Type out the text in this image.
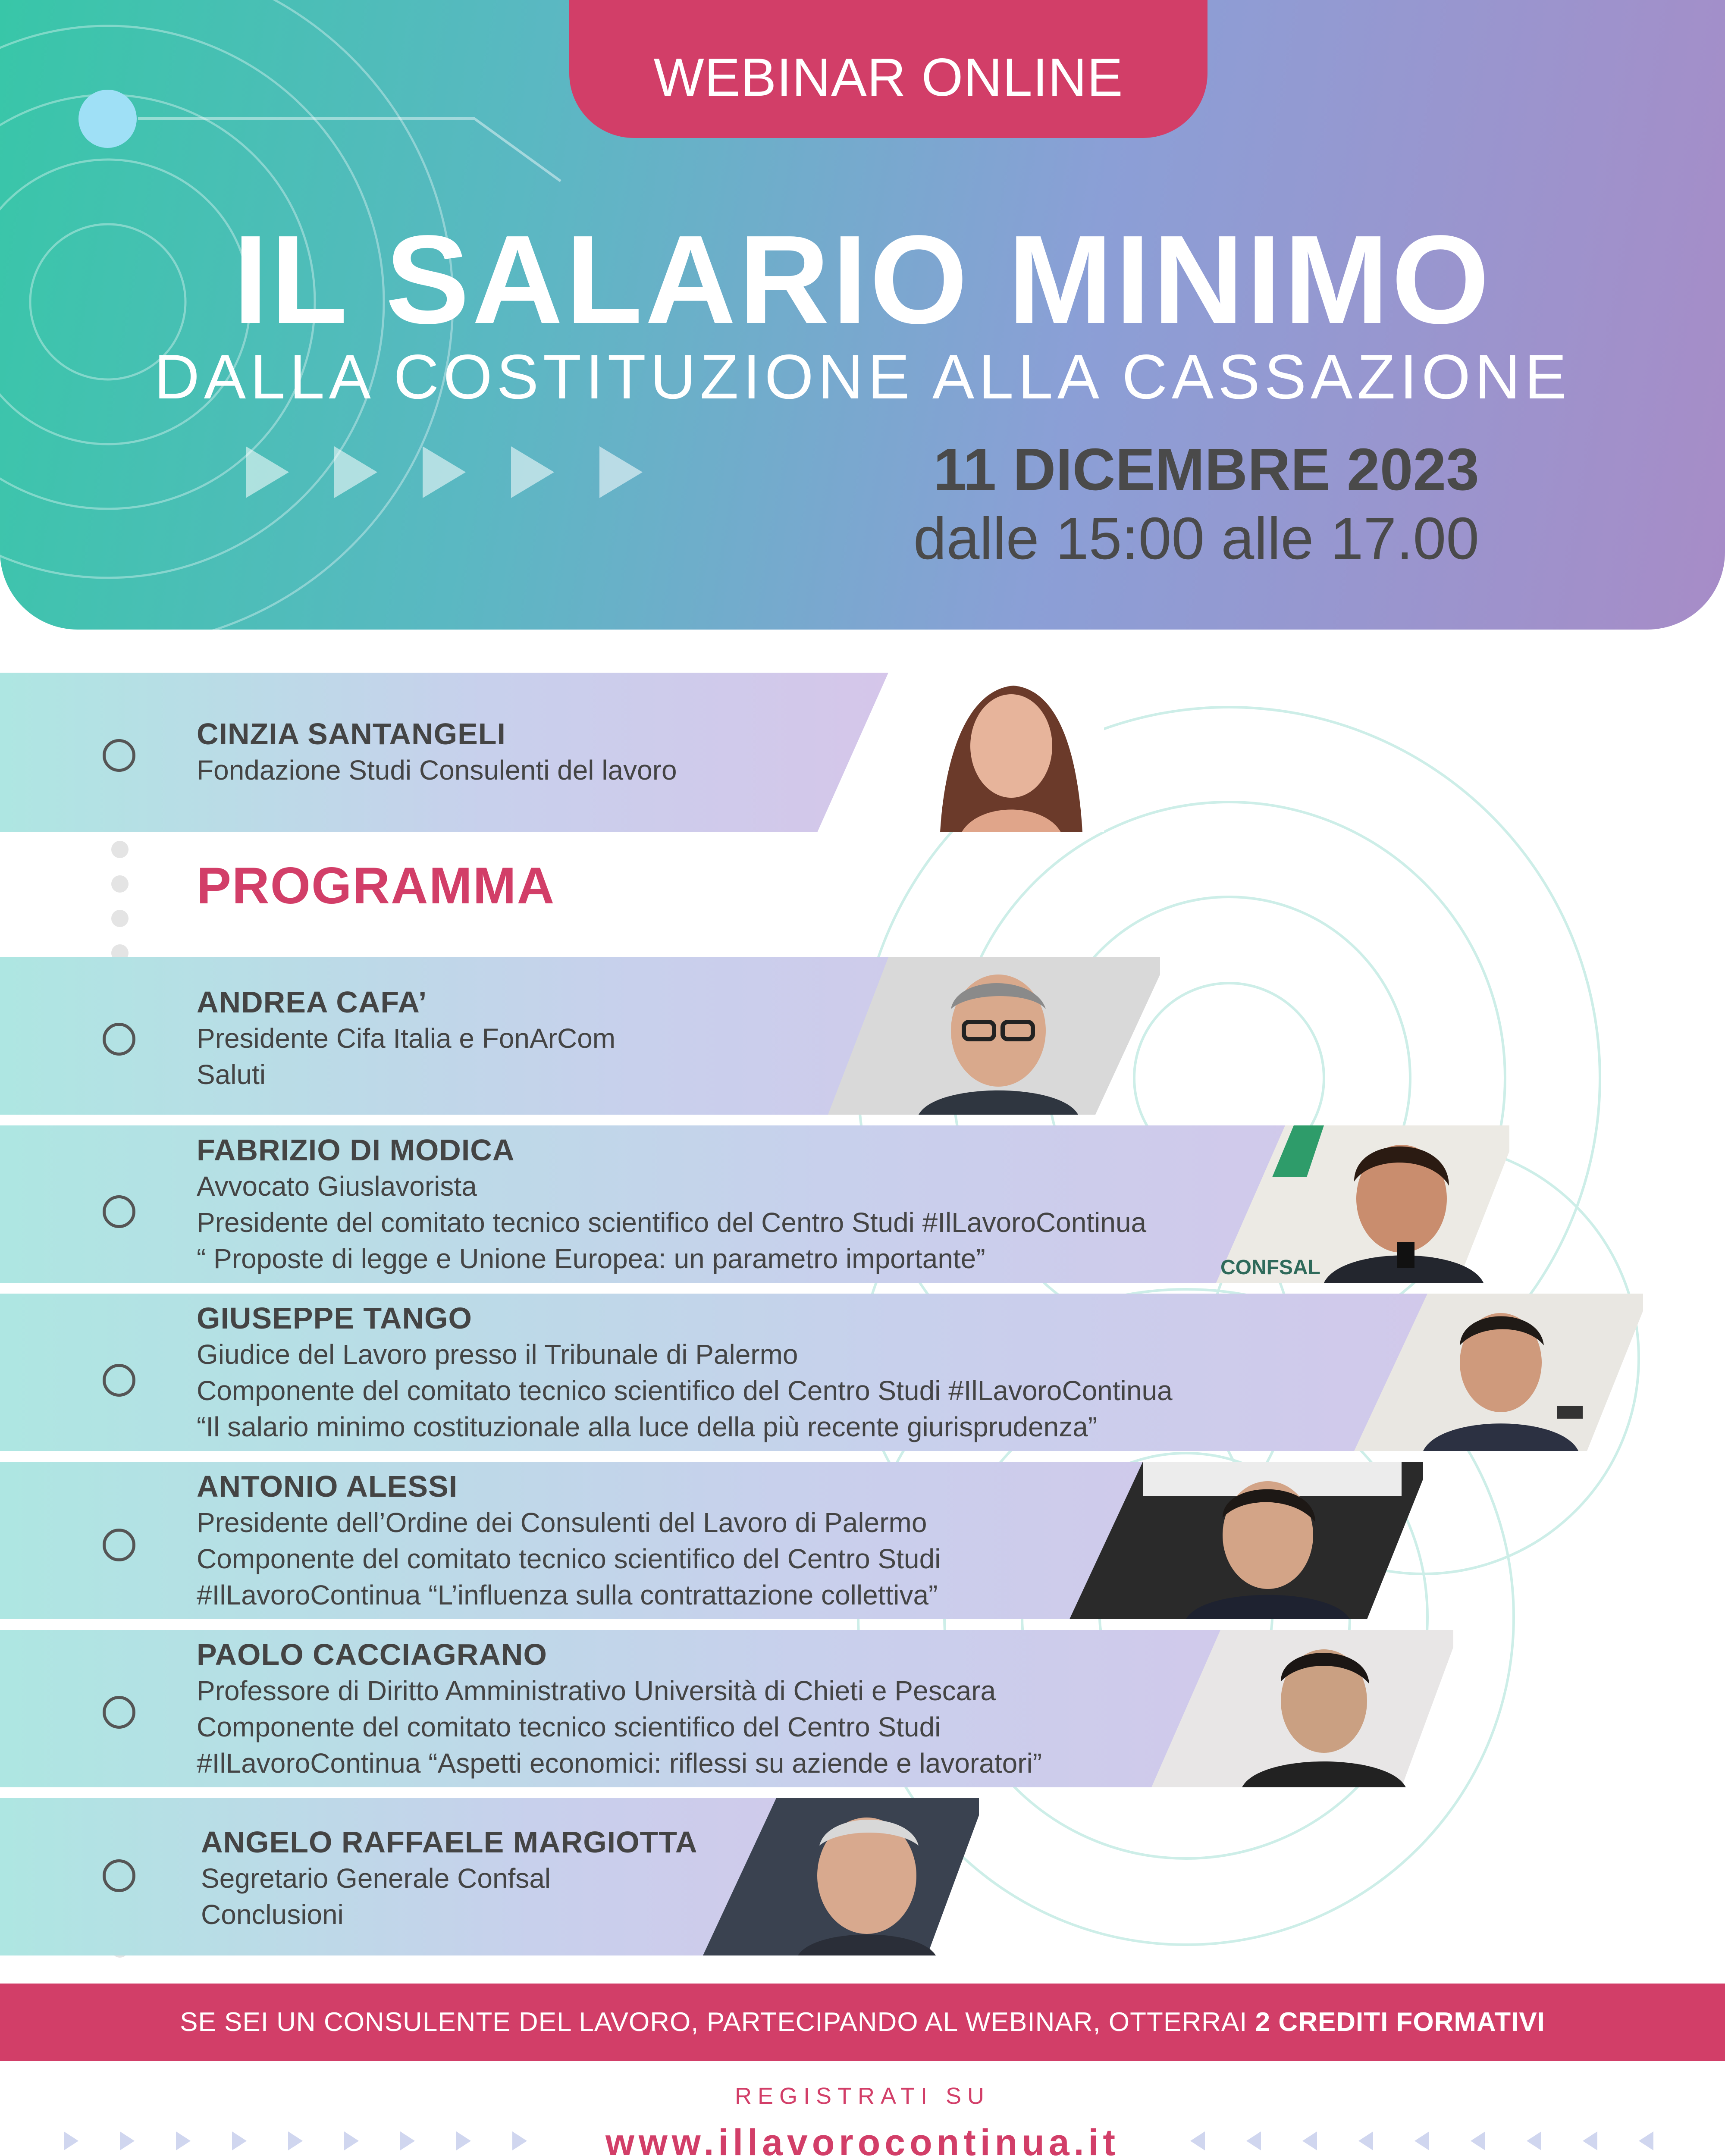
WEBINAR ONLINE
IL SALARIO MINIMO
DALLA COSTITUZIONE ALLA CASSAZIONE
11 DICEMBRE 2023
dalle 15:00 alle 17.00
CINZIA SANTANGELI
Fondazione Studi Consulenti del lavoro
PROGRAMMA
ANDREA CAFA’
Presidente Cifa Italia e FonArCom
Saluti
FABRIZIO DI MODICA
Avvocato Giuslavorista
Presidente del comitato tecnico scientifico del Centro Studi #IlLavoroContinua
“ Proposte di legge e Unione Europea: un parametro importante”	CONFSAL
GIUSEPPE TANGO
Giudice del Lavoro presso il Tribunale di Palermo
Componente del comitato tecnico scientifico del Centro Studi #IlLavoroContinua
“Il salario minimo costituzionale alla luce della più recente giurisprudenza”
ANTONIO ALESSI
Presidente dell’Ordine dei Consulenti del Lavoro di Palermo
Componente del comitato tecnico scientifico del Centro Studi
#IlLavoroContinua “L’influenza sulla contrattazione collettiva”
PAOLO CACCIAGRANO
Professore di Diritto Amministrativo Università di Chieti e Pescara
Componente del comitato tecnico scientifico del Centro Studi
#IlLavoroContinua “Aspetti economici: riflessi su aziende e lavoratori”
ANGELO RAFFAELE MARGIOTTA
Segretario Generale Confsal
Conclusioni
SE SEI UN CONSULENTE DEL LAVORO, PARTECIPANDO AL WEBINAR, OTTERRAI 2 CREDITI FORMATIVI
REGISTRATI SU
www.illavorocontinua.it
